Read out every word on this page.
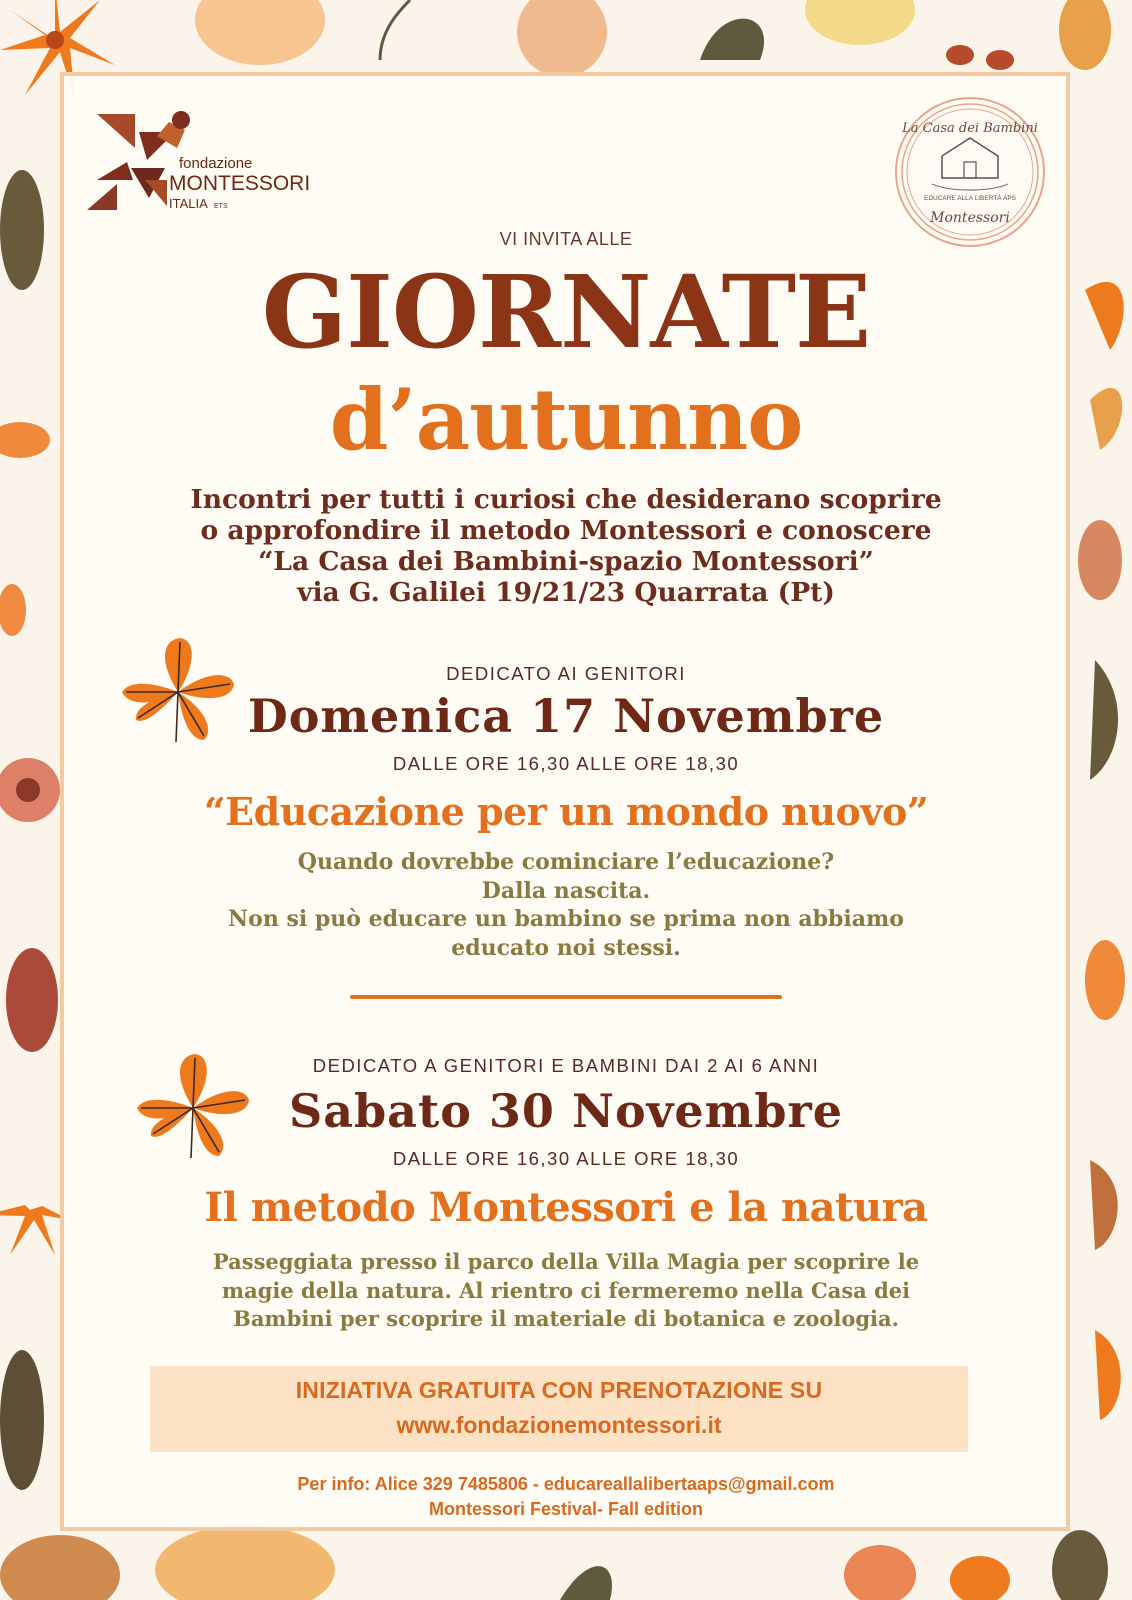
fondazione
MONTESSORI
ITALIA ETS
La Casa dei Bambini
EDUCARE ALLA LIBERTÀ APS
Montessori
VI INVITA ALLE
GIORNATE
d’autunno
Incontri per tutti i curiosi che desiderano scoprire
o approfondire il metodo Montessori e conoscere
“La Casa dei Bambini-spazio Montessori”
via G. Galilei 19/21/23 Quarrata (Pt)
DEDICATO AI GENITORI
Domenica 17 Novembre
DALLE ORE 16,30 ALLE ORE 18,30
“Educazione per un mondo nuovo”
Quando dovrebbe cominciare l’educazione?
Dalla nascita.
Non si può educare un bambino se prima non abbiamo
educato noi stessi.
DEDICATO A GENITORI E BAMBINI DAI 2 AI 6 ANNI
Sabato 30 Novembre
DALLE ORE 16,30 ALLE ORE 18,30
Il metodo Montessori e la natura
Passeggiata presso il parco della Villa Magia per scoprire le
magie della natura. Al rientro ci fermeremo nella Casa dei
Bambini per scoprire il materiale di botanica e zoologia.
INIZIATIVA GRATUITA CON PRENOTAZIONE SU
www.fondazionemontessori.it
Per info: Alice 329 7485806 - educareallalibertaaps@gmail.com
Montessori Festival- Fall edition
